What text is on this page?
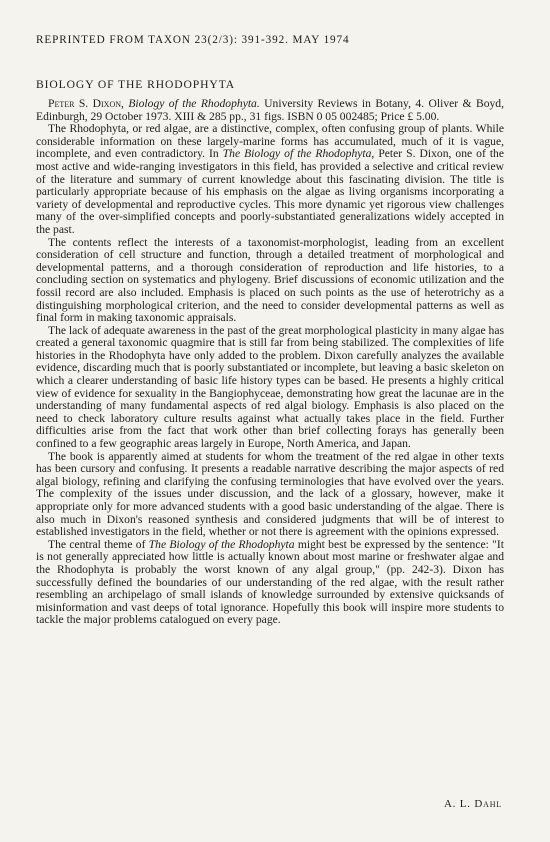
REPRINTED FROM TAXON 23(2/3): 391-392. MAY 1974
BIOLOGY OF THE RHODOPHYTA

Peter S. Dixon, Biology of the Rhodophyta. University Reviews in Botany, 4. Oliver & Boyd, Edinburgh, 29 October 1973. XIII & 285 pp., 31 figs. ISBN 0 05 002485; Price £ 5.00.

The Rhodophyta, or red algae, are a distinctive, complex, often confusing group of plants. While considerable information on these largely-marine forms has accumulated, much of it is vague, incomplete, and even contradictory. In The Biology of the Rhodophyta, Peter S. Dixon, one of the most active and wide-ranging investigators in this field, has provided a selective and critical review of the literature and summary of current knowledge about this fascinating division. The title is particularly appropriate because of his emphasis on the algae as living organisms incorporating a variety of developmental and reproductive cycles. This more dynamic yet rigorous view challenges many of the over-simplified concepts and poorly-substantiated generalizations widely accepted in the past.

The contents reflect the interests of a taxonomist-morphologist, leading from an excellent consideration of cell structure and function, through a detailed treatment of morphological and developmental patterns, and a thorough consideration of reproduction and life histories, to a concluding section on systematics and phylogeny. Brief discussions of economic utilization and the fossil record are also included. Emphasis is placed on such points as the use of heterotrichy as a distinguishing morphological criterion, and the need to consider developmental patterns as well as final form in making taxonomic appraisals.

The lack of adequate awareness in the past of the great morphological plasticity in many algae has created a general taxonomic quagmire that is still far from being stabilized. The complexities of life histories in the Rhodophyta have only added to the problem. Dixon carefully analyzes the available evidence, discarding much that is poorly substantiated or incomplete, but leaving a basic skeleton on which a clearer understanding of basic life history types can be based. He presents a highly critical view of evidence for sexuality in the Bangiophyceae, demonstrating how great the lacunae are in the understanding of many fundamental aspects of red algal biology. Emphasis is also placed on the need to check laboratory culture results against what actually takes place in the field. Further difficulties arise from the fact that work other than brief collecting forays has generally been confined to a few geographic areas largely in Europe, North America, and Japan.

The book is apparently aimed at students for whom the treatment of the red algae in other texts has been cursory and confusing. It presents a readable narrative describing the major aspects of red algal biology, refining and clarifying the confusing terminologies that have evolved over the years. The complexity of the issues under discussion, and the lack of a glossary, however, make it appropriate only for more advanced students with a good basic understanding of the algae. There is also much in Dixon's reasoned synthesis and considered judgments that will be of interest to established investigators in the field, whether or not there is agreement with the opinions expressed.

The central theme of The Biology of the Rhodophyta might best be expressed by the sentence: "It is not generally appreciated how little is actually known about most marine or freshwater algae and the Rhodophyta is probably the worst known of any algal group," (pp. 242-3). Dixon has successfully defined the boundaries of our understanding of the red algae, with the result rather resembling an archipelago of small islands of knowledge surrounded by extensive quicksands of misinformation and vast deeps of total ignorance. Hopefully this book will inspire more students to tackle the major problems catalogued on every page.

A. L. Dahl
